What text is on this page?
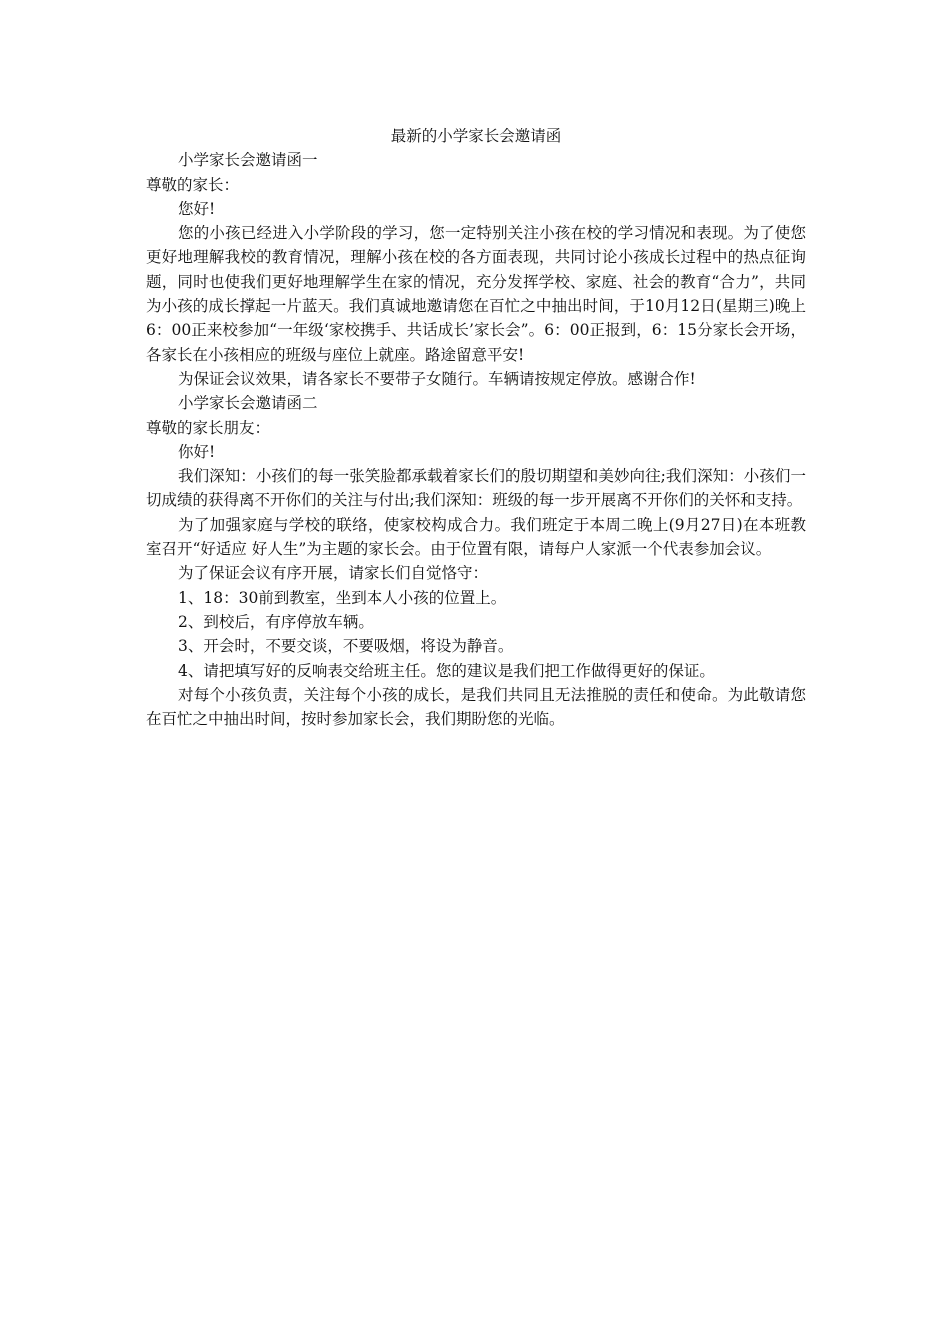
最新的小学家长会邀请函

小学家长会邀请函一

尊敬的家长：

您好!

您的小孩已经进入小学阶段的学习，您一定特别关注小孩在校的学习情况和表现。为了使您更好地理解我校的教育情况，理解小孩在校的各方面表现，共同讨论小孩成长过程中的热点征询题，同时也使我们更好地理解学生在家的情况，充分发挥学校、家庭、社会的教育“合力”，共同为小孩的成长撑起一片蓝天。我们真诚地邀请您在百忙之中抽出时间，于10月12日(星期三)晚上6：00正来校参加“一年级‘家校携手、共话成长’家长会”。6：00正报到，6：15分家长会开场，各家长在小孩相应的班级与座位上就座。路途留意平安!

为保证会议效果，请各家长不要带子女随行。车辆请按规定停放。感谢合作!

小学家长会邀请函二

尊敬的家长朋友：

你好!

我们深知：小孩们的每一张笑脸都承载着家长们的殷切期望和美妙向往;我们深知：小孩们一切成绩的获得离不开你们的关注与付出;我们深知：班级的每一步开展离不开你们的关怀和支持。

为了加强家庭与学校的联络，使家校构成合力。我们班定于本周二晚上(9月27日)在本班教室召开“好适应 好人生”为主题的家长会。由于位置有限，请每户人家派一个代表参加会议。

为了保证会议有序开展，请家长们自觉恪守：

1、18：30前到教室，坐到本人小孩的位置上。

2、到校后，有序停放车辆。

3、开会时，不要交谈，不要吸烟，将设为静音。

4、请把填写好的反响表交给班主任。您的建议是我们把工作做得更好的保证。

对每个小孩负责，关注每个小孩的成长，是我们共同且无法推脱的责任和使命。为此敬请您在百忙之中抽出时间，按时参加家长会，我们期盼您的光临。
